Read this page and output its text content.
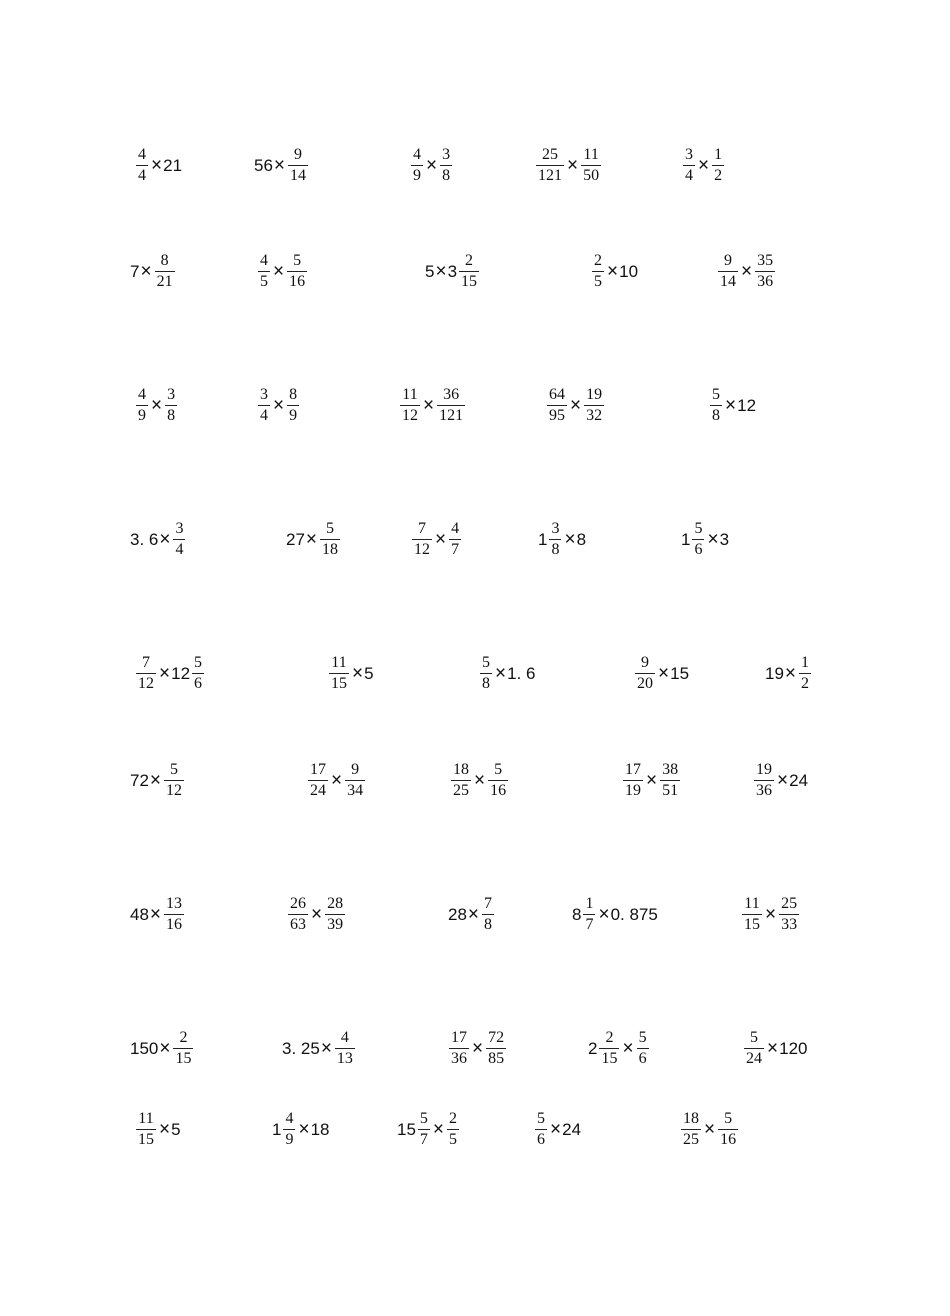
$\frac{4}{4} \times 21$	$56 \times \frac{9}{14}$	$\frac{4}{9} \times \frac{3}{8}$	$\frac{25}{121} \times \frac{11}{50}$	$\frac{3}{4} \times \frac{1}{2}$
$7 \times \frac{8}{21}$	$\frac{4}{5} \times \frac{5}{16}$	$5 \times 3 \frac{2}{15}$	$\frac{2}{5} \times 10$	$\frac{9}{14} \times \frac{35}{36}$
$\frac{4}{9} \times \frac{3}{8}$	$\frac{3}{4} \times \frac{8}{9}$	$\frac{11}{12} \times \frac{36}{121}$	$\frac{64}{95} \times \frac{19}{32}$	$\frac{5}{8} \times 12$
3. $6 \times \frac{3}{4}$	$27 \times \frac{5}{18}$	$\frac{7}{12} \times \frac{4}{7}$	$1 \frac{3}{8} \times 8$	$1 \frac{5}{6} \times 3$
$\frac{7}{12} \times 12 \frac{5}{6}$	$\frac{11}{15} \times 5$	$\frac{5}{8} \times 1$. 6	$\frac{9}{20} \times 15$	$19 \times \frac{1}{2}$
$72 \times \frac{5}{12}$	$\frac{17}{24} \times \frac{9}{34}$	$\frac{18}{25} \times \frac{5}{16}$	$\frac{17}{19} \times \frac{38}{51}$	$\frac{19}{36} \times 24$
$48 \times \frac{13}{16}$	$\frac{26}{63} \times \frac{28}{39}$	$28 \times \frac{7}{8}$	$8 \frac{1}{7} \times 0$. 875	$\frac{11}{15} \times \frac{25}{33}$
$150 \times \frac{2}{15}$	3. $25 \times \frac{4}{13}$	$\frac{17}{36} \times \frac{72}{85}$	$2 \frac{2}{15} \times \frac{5}{6}$	$\frac{5}{24} \times 120$
$\frac{11}{15} \times 5$	$1 \frac{4}{9} \times 18$	$15 \frac{5}{7} \times \frac{2}{5}$	$\frac{5}{6} \times 24$	$\frac{18}{25} \times \frac{5}{16}$
